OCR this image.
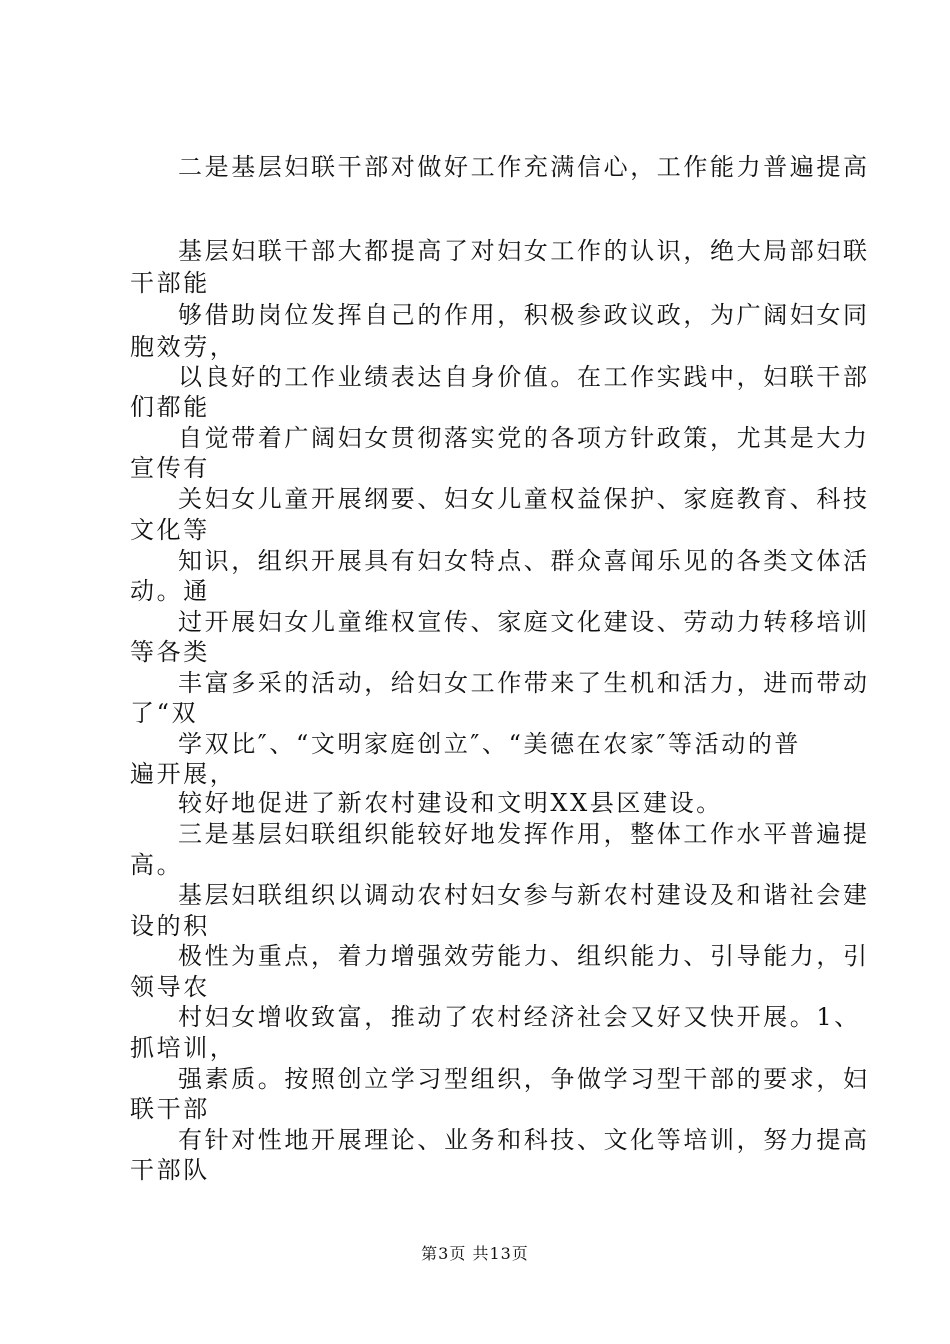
二是基层妇联干部对做好工作充满信心，工作能力普遍提高
基层妇联干部大都提高了对妇女工作的认识，绝大局部妇联
干部能
够借助岗位发挥自己的作用，积极参政议政，为广阔妇女同
胞效劳，
以良好的工作业绩表达自身价值。在工作实践中，妇联干部
们都能
自觉带着广阔妇女贯彻落实党的各项方针政策，尤其是大力
宣传有
关妇女儿童开展纲要、妇女儿童权益保护、家庭教育、科技
文化等
知识，组织开展具有妇女特点、群众喜闻乐见的各类文体活
动。通
过开展妇女儿童维权宣传、家庭文化建设、劳动力转移培训
等各类
丰富多采的活动，给妇女工作带来了生机和活力，进而带动
了“双
学双比″、“文明家庭创立″、“美德在农家″等活动的普
遍开展，
较好地促进了新农村建设和文明XX县区建设。
三是基层妇联组织能较好地发挥作用，整体工作水平普遍提
高。
基层妇联组织以调动农村妇女参与新农村建设及和谐社会建
设的积
极性为重点，着力增强效劳能力、组织能力、引导能力，引
领导农
村妇女增收致富，推动了农村经济社会又好又快开展。1、
抓培训，
强素质。按照创立学习型组织，争做学习型干部的要求，妇
联干部
有针对性地开展理论、业务和科技、文化等培训，努力提高
干部队
第3页 共13页
